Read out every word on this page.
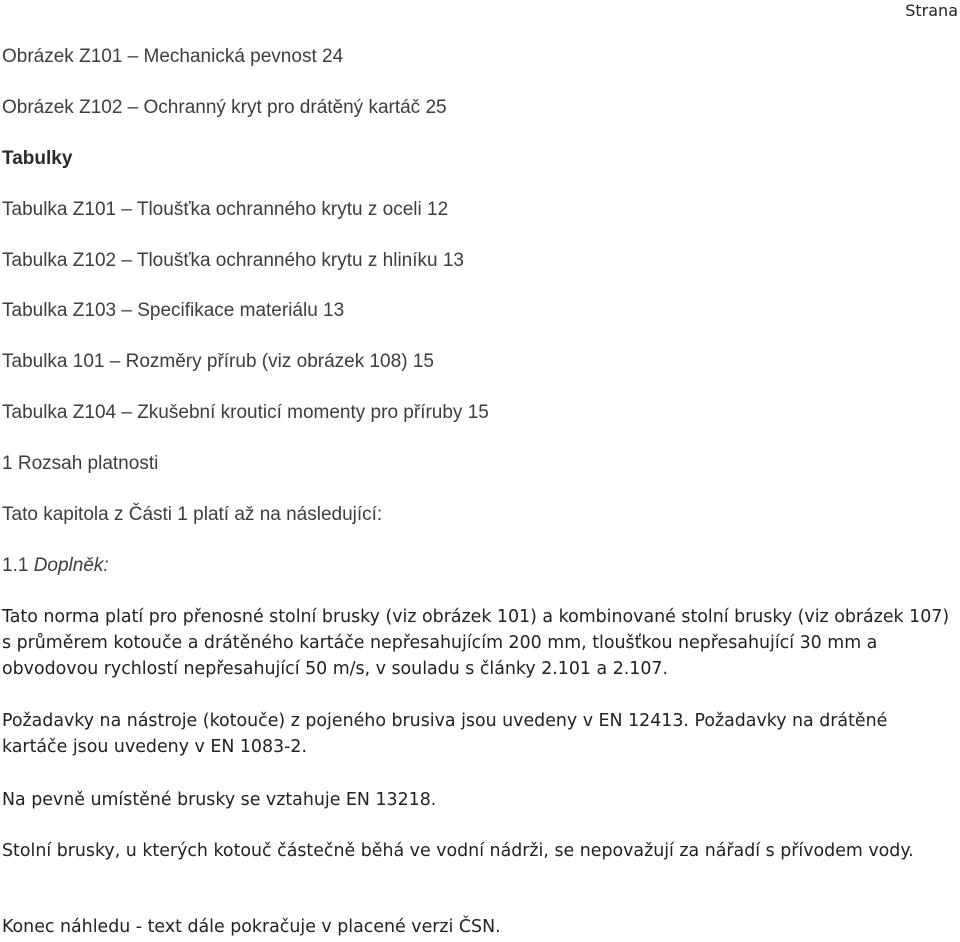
Strana
Obrázek Z101 – Mechanická pevnost 24
Obrázek Z102 – Ochranný kryt pro drátěný kartáč 25
Tabulky
Tabulka Z101 – Tloušťka ochranného krytu z oceli 12
Tabulka Z102 – Tloušťka ochranného krytu z hliníku 13
Tabulka Z103 – Specifikace materiálu 13
Tabulka 101 – Rozměry přírub (viz obrázek 108) 15
Tabulka Z104 – Zkušební krouticí momenty pro příruby 15
1 Rozsah platnosti
Tato kapitola z Části 1 platí až na následující:
1.1 Doplněk:
Tato norma platí pro přenosné stolní brusky (viz obrázek 101) a kombinované stolní brusky (viz obrázek 107) s průměrem kotouče a drátěného kartáče nepřesahujícím 200 mm, tloušťkou nepřesahující 30 mm a obvodovou rychlostí nepřesahující 50 m/s, v souladu s články 2.101 a 2.107.
Požadavky na nástroje (kotouče) z pojeného brusiva jsou uvedeny v EN 12413. Požadavky na drátěné kartáče jsou uvedeny v EN 1083-2.
Na pevně umístěné brusky se vztahuje EN 13218.
Stolní brusky, u kterých kotouč částečně běhá ve vodní nádrži, se nepovažují za nářadí s přívodem vody.
Konec náhledu - text dále pokračuje v placené verzi ČSN.
